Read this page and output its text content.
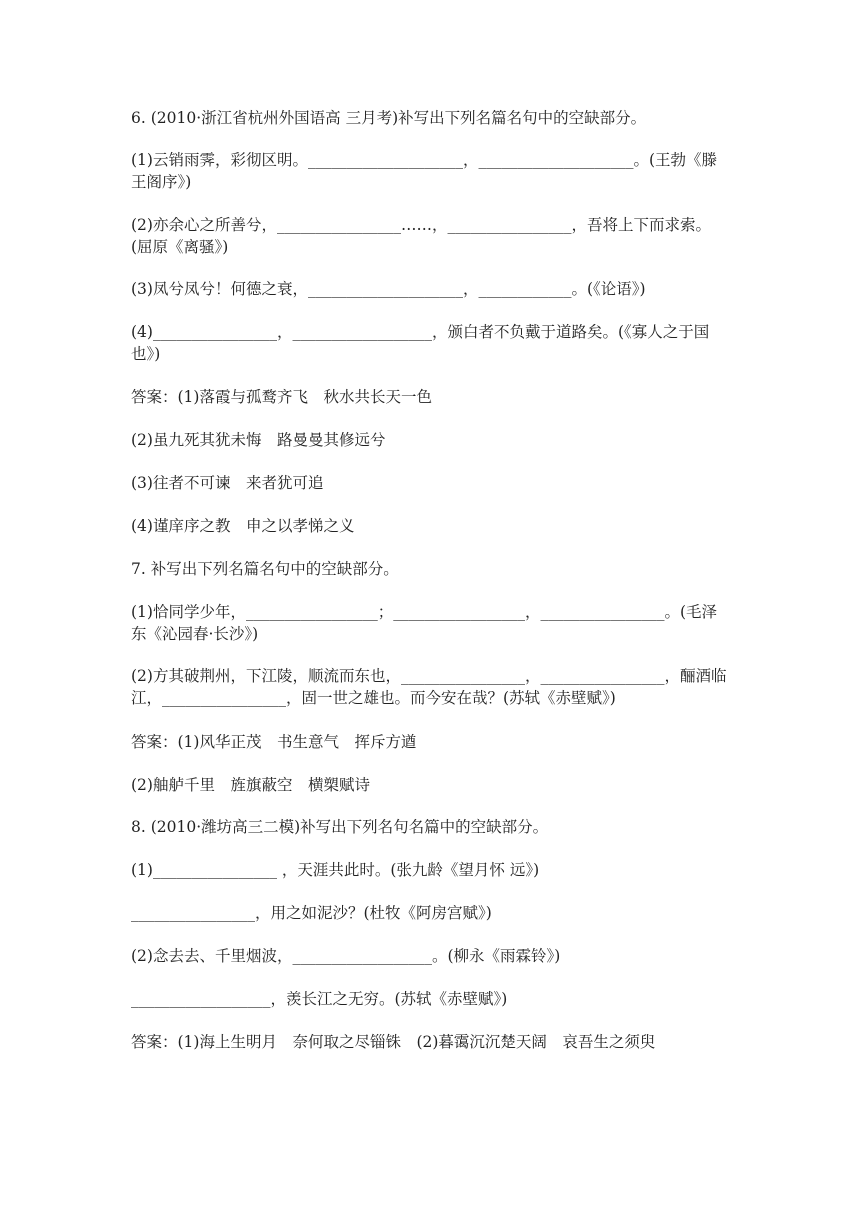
6. (2010·浙江省杭州外国语高 三月考)补写出下列名篇名句中的空缺部分。

(1)云销雨霁，彩彻区明。____________________，____________________。(王勃《滕王阁序》)

(2)亦余心之所善兮，________________……，________________，吾将上下而求索。(屈原《离骚》)

(3)凤兮凤兮！何德之衰，____________________，____________。(《论语》)

(4)________________，__________________，颁白者不负戴于道路矣。(《寡人之于国也》)

答案：(1)落霞与孤鹜齐飞　秋水共长天一色

(2)虽九死其犹未悔　路曼曼其修远兮

(3)往者不可谏　来者犹可追

(4)谨庠序之教　申之以孝悌之义

7. 补写出下列名篇名句中的空缺部分。

(1)恰同学少年，_________________；_________________，________________。(毛泽东《沁园春·长沙》)

(2)方其破荆州，下江陵，顺流而东也，________________，________________，酾酒临江，________________，固一世之雄也。而今安在哉？(苏轼《赤壁赋》)

答案：(1)风华正茂　书生意气　挥斥方遒

(2)舳舻千里　旌旗蔽空　横槊赋诗

8. (2010·潍坊高三二模)补写出下列名句名篇中的空缺部分。

(1)________________ ，天涯共此时。(张九龄《望月怀 远》)

________________，用之如泥沙？(杜牧《阿房宫赋》)

(2)念去去、千里烟波，__________________。(柳永《雨霖铃》)

__________________，羡长江之无穷。(苏轼《赤壁赋》)

答案：(1)海上生明月　奈何取之尽锱铢　(2)暮霭沉沉楚天阔　哀吾生之须臾
